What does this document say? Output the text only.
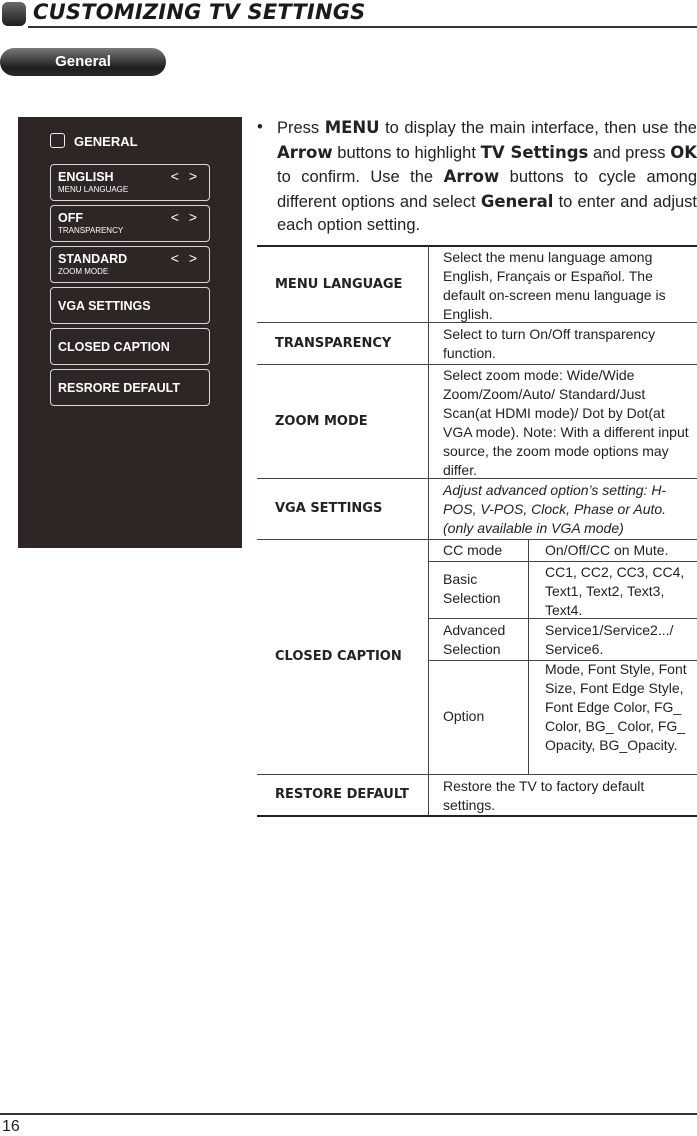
CUSTOMIZING TV SETTINGS
General
GENERAL
ENGLISH
MENU LANGUAGE
< >
OFF
TRANSPARENCY
< >
STANDARD
ZOOM MODE
< >
VGA SETTINGS
CLOSED CAPTION
RESRORE DEFAULT
• Press MENU to display the main interface, then use the Arrow buttons to highlight TV Settings and press OK to confirm. Use the Arrow buttons to cycle among different options and select General to enter and adjust each option setting.
MENU LANGUAGE
Select the menu language among English, Français or Español. The default on-screen menu language is English.
TRANSPARENCY
Select to turn On/Off transparency function.
ZOOM MODE
Select zoom mode: Wide/Wide Zoom/Zoom/Auto/ Standard/Just Scan(at HDMI mode)/ Dot by Dot(at VGA mode). Note: With a different input source, the zoom mode options may differ.
VGA SETTINGS
Adjust advanced option’s setting: H-POS, V-POS, Clock, Phase or Auto. (only available in VGA mode)
CLOSED CAPTION
CC mode	On/Off/CC on Mute.
Basic Selection
CC1, CC2, CC3, CC4, Text1, Text2, Text3, Text4.
Advanced Selection
Service1/Service2.../ Service6.
Option
Mode, Font Style, Font Size, Font Edge Style, Font Edge Color, FG_ Color, BG_ Color, FG_ Opacity, BG_Opacity.
RESTORE DEFAULT
Restore the TV to factory default settings.
16
